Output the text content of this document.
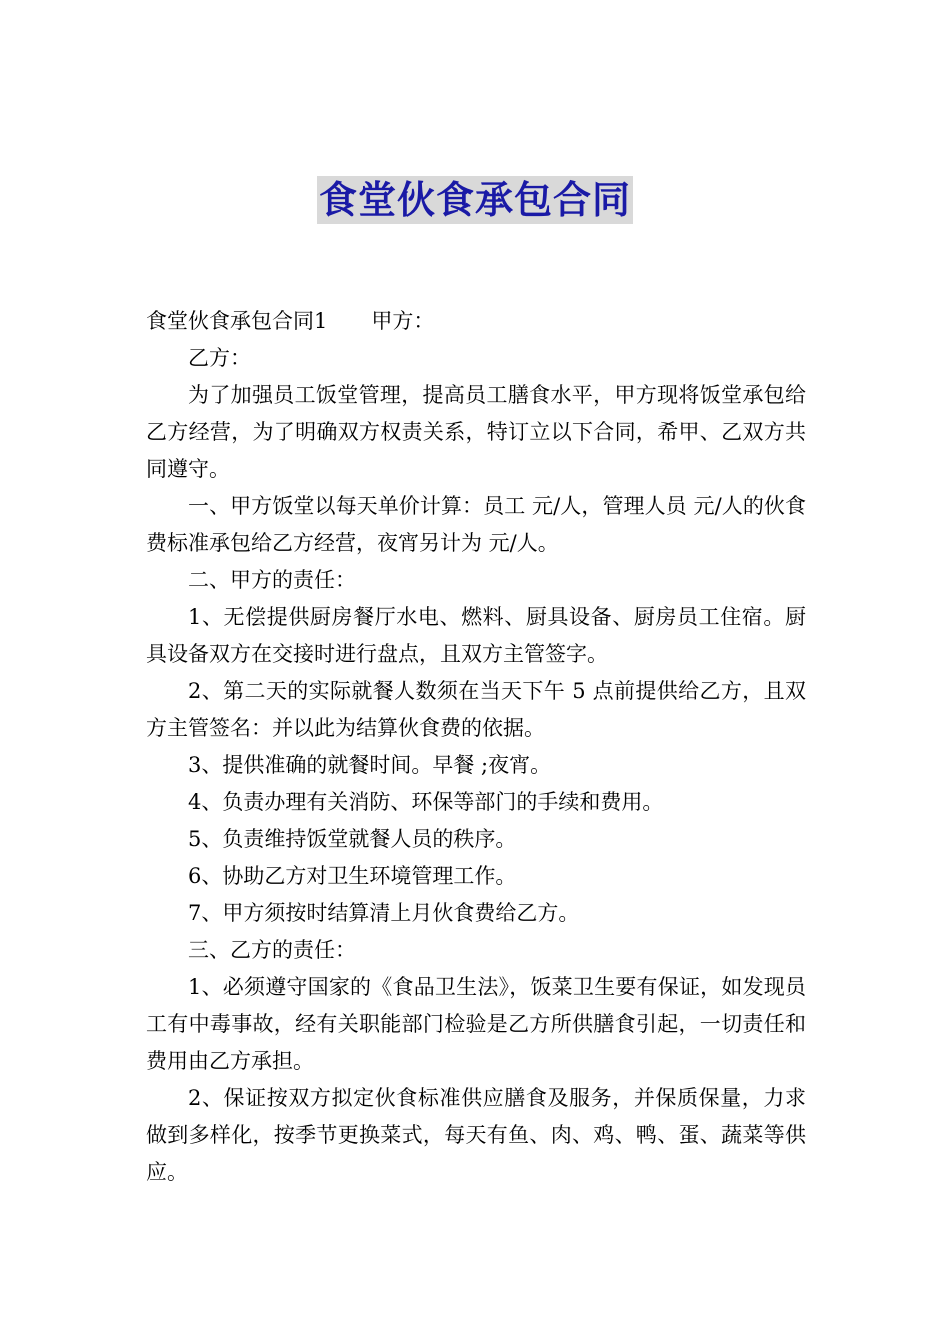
食堂伙食承包合同

食堂伙食承包合同1 甲方：

乙方：

为了加强员工饭堂管理，提高员工膳食水平，甲方现将饭堂承包给乙方经营，为了明确双方权责关系，特订立以下合同，希甲、乙双方共同遵守。

一、甲方饭堂以每天单价计算：员工 元/人，管理人员 元/人的伙食费标准承包给乙方经营，夜宵另计为 元/人。

二、甲方的责任：

1、无偿提供厨房餐厅水电、燃料、厨具设备、厨房员工住宿。厨具设备双方在交接时进行盘点，且双方主管签字。

2、第二天的实际就餐人数须在当天下午 5 点前提供给乙方，且双方主管签名：并以此为结算伙食费的依据。

3、提供准确的就餐时间。早餐 ;夜宵。

4、负责办理有关消防、环保等部门的手续和费用。

5、负责维持饭堂就餐人员的秩序。

6、协助乙方对卫生环境管理工作。

7、甲方须按时结算清上月伙食费给乙方。

三、乙方的责任：

1、必须遵守国家的《食品卫生法》，饭菜卫生要有保证，如发现员工有中毒事故，经有关职能部门检验是乙方所供膳食引起，一切责任和费用由乙方承担。

2、保证按双方拟定伙食标准供应膳食及服务，并保质保量，力求做到多样化，按季节更换菜式，每天有鱼、肉、鸡、鸭、蛋、蔬菜等供应。
